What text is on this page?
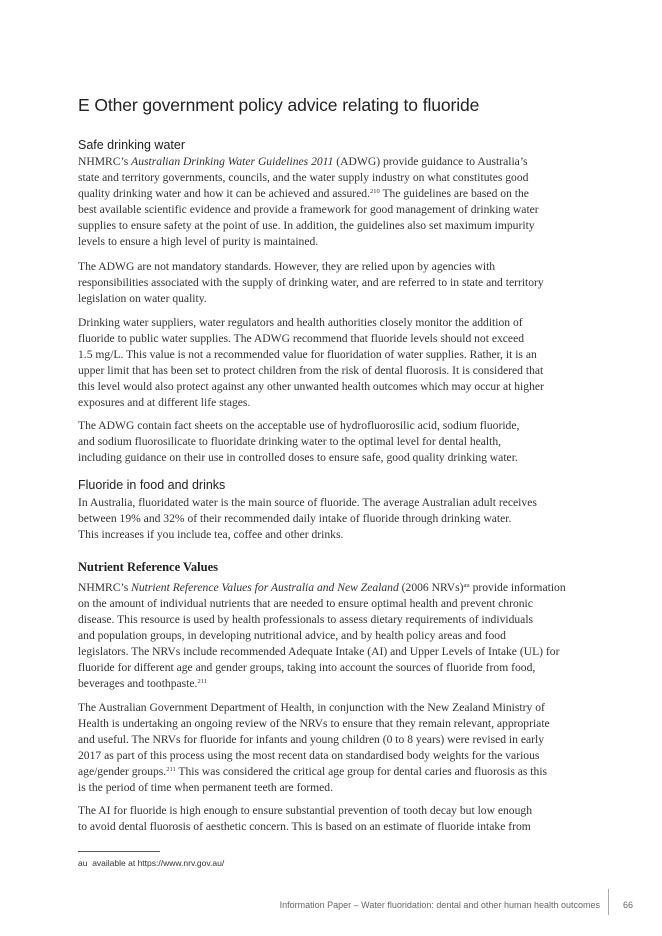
E Other government policy advice relating to fluoride
Safe drinking water
NHMRC’s Australian Drinking Water Guidelines 2011 (ADWG) provide guidance to Australia’s
state and territory governments, councils, and the water supply industry on what constitutes good
quality drinking water and how it can be achieved and assured.$^{210}$ The guidelines are based on the
best available scientific evidence and provide a framework for good management of drinking water
supplies to ensure safety at the point of use. In addition, the guidelines also set maximum impurity
levels to ensure a high level of purity is maintained.
The ADWG are not mandatory standards. However, they are relied upon by agencies with
responsibilities associated with the supply of drinking water, and are referred to in state and territory
legislation on water quality.
Drinking water suppliers, water regulators and health authorities closely monitor the addition of
fluoride to public water supplies. The ADWG recommend that fluoride levels should not exceed
1.5 mg/L. This value is not a recommended value for fluoridation of water supplies. Rather, it is an
upper limit that has been set to protect children from the risk of dental fluorosis. It is considered that
this level would also protect against any other unwanted health outcomes which may occur at higher
exposures and at different life stages.
The ADWG contain fact sheets on the acceptable use of hydrofluorosilic acid, sodium fluoride,
and sodium fluorosilicate to fluoridate drinking water to the optimal level for dental health,
including guidance on their use in controlled doses to ensure safe, good quality drinking water.
Fluoride in food and drinks
In Australia, fluoridated water is the main source of fluoride. The average Australian adult receives
between 19% and 32% of their recommended daily intake of fluoride through drinking water.
This increases if you include tea, coffee and other drinks.
Nutrient Reference Values
NHMRC’s Nutrient Reference Values for Australia and New Zealand (2006 NRVs)$^{au}$ provide information
on the amount of individual nutrients that are needed to ensure optimal health and prevent chronic
disease. This resource is used by health professionals to assess dietary requirements of individuals
and population groups, in developing nutritional advice, and by health policy areas and food
legislators. The NRVs include recommended Adequate Intake (AI) and Upper Levels of Intake (UL) for
fluoride for different age and gender groups, taking into account the sources of fluoride from food,
beverages and toothpaste.$^{211}$
The Australian Government Department of Health, in conjunction with the New Zealand Ministry of
Health is undertaking an ongoing review of the NRVs to ensure that they remain relevant, appropriate
and useful. The NRVs for fluoride for infants and young children (0 to 8 years) were revised in early
2017 as part of this process using the most recent data on standardised body weights for the various
age/gender groups.$^{211}$ This was considered the critical age group for dental caries and fluorosis as this
is the period of time when permanent teeth are formed.
The AI for fluoride is high enough to ensure substantial prevention of tooth decay but low enough
to avoid dental fluorosis of aesthetic concern. This is based on an estimate of fluoride intake from
au available at https://www.nrv.gov.au/
Information Paper – Water fluoridation: dental and other human health outcomes	66
